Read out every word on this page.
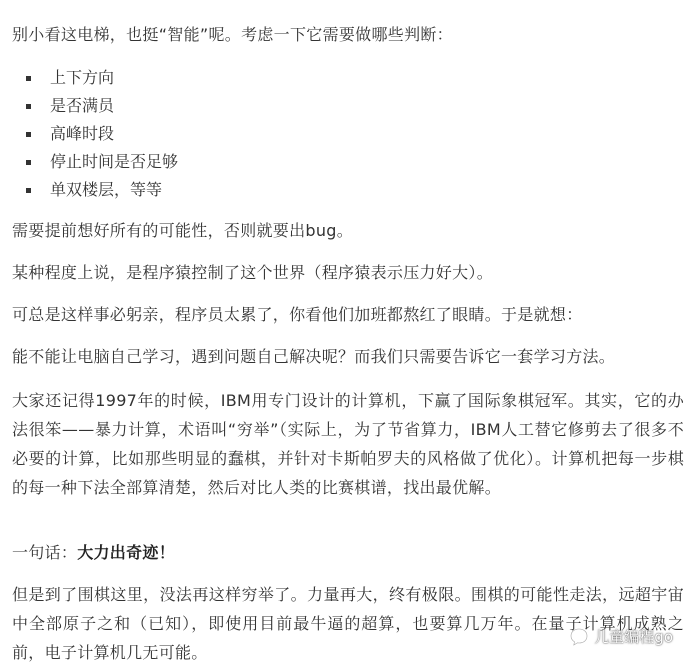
别小看这电梯，也挺“智能”呢。考虑一下它需要做哪些判断：

上下方向
是否满员
高峰时段
停止时间是否足够
单双楼层，等等

需要提前想好所有的可能性，否则就要出bug。

某种程度上说，是程序猿控制了这个世界（程序猿表示压力好大）。

可总是这样事必躬亲，程序员太累了，你看他们加班都熬红了眼睛。于是就想：

能不能让电脑自己学习，遇到问题自己解决呢？而我们只需要告诉它一套学习方法。

大家还记得1997年的时候，IBM用专门设计的计算机，下赢了国际象棋冠军。其实，它的办法很笨——暴力计算，术语叫“穷举”（实际上，为了节省算力，IBM人工替它修剪去了很多不必要的计算，比如那些明显的蠢棋，并针对卡斯帕罗夫的风格做了优化）。计算机把每一步棋的每一种下法全部算清楚，然后对比人类的比赛棋谱，找出最优解。

一句话：大力出奇迹！

但是到了围棋这里，没法再这样穷举了。力量再大，终有极限。围棋的可能性走法，远超宇宙中全部原子之和（已知），即使用目前最牛逼的超算，也要算几万年。在量子计算机成熟之前，电子计算机几无可能。

儿童编程go
